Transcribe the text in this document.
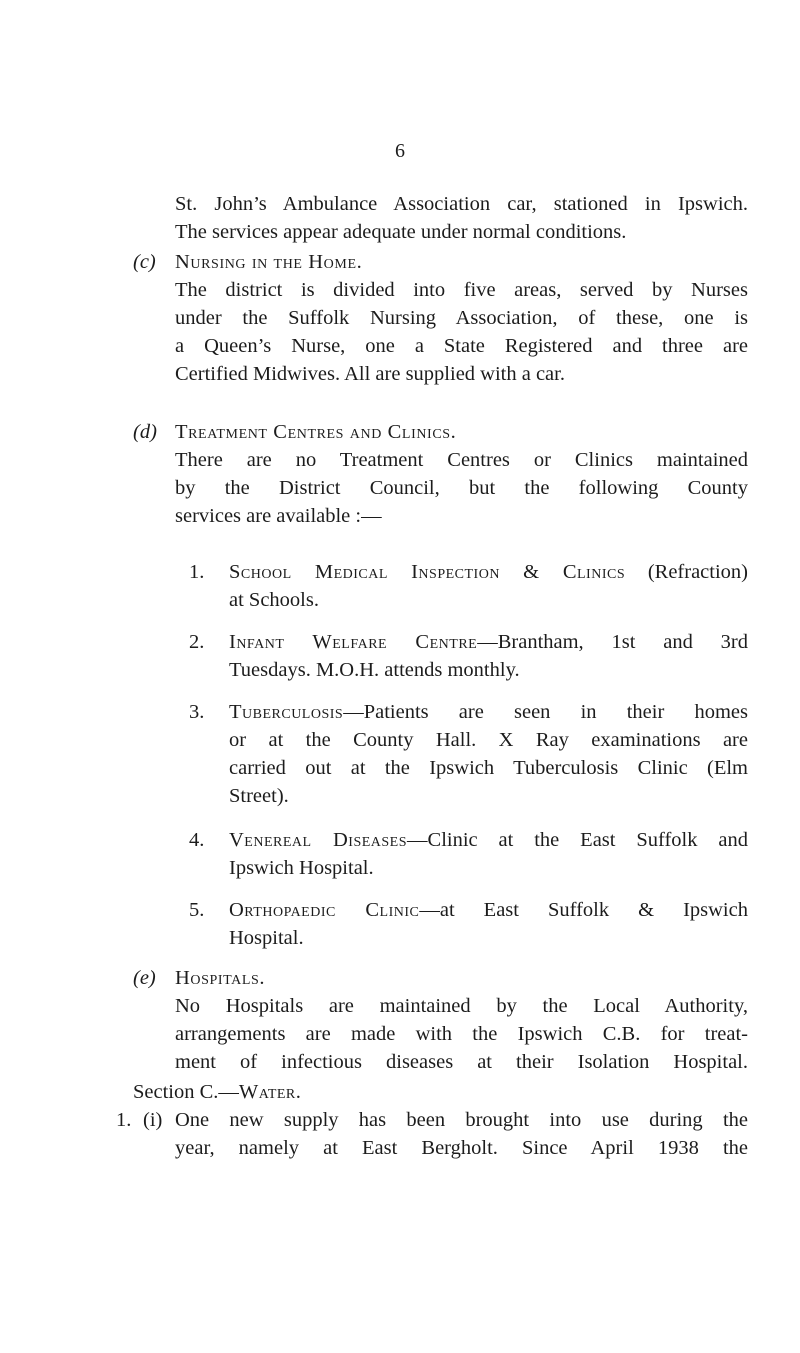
6
St. John’s Ambulance Association car, stationed in Ipswich.
The services appear adequate under normal conditions.
(c) Nursing in the Home.
The district is divided into five areas, served by Nurses
under the Suffolk Nursing Association, of these, one is
a Queen’s Nurse, one a State Registered and three are
Certified Midwives. All are supplied with a car.
(d) Treatment Centres and Clinics.
There are no Treatment Centres or Clinics maintained
by the District Council, but the following County
services are available :—
1. School Medical Inspection & Clinics (Refraction)
at Schools.
2. Infant Welfare Centre—Brantham, 1st and 3rd
Tuesdays. M.O.H. attends monthly.
3. Tuberculosis—Patients are seen in their homes
or at the County Hall. X Ray examinations are
carried out at the Ipswich Tuberculosis Clinic (Elm
Street).
4. Venereal Diseases—Clinic at the East Suffolk and
Ipswich Hospital.
5. Orthopaedic Clinic—at East Suffolk & Ipswich
Hospital.
(e) Hospitals.
No Hospitals are maintained by the Local Authority,
arrangements are made with the Ipswich C.B. for treat-
ment of infectious diseases at their Isolation Hospital.
Section C.—Water.
1. (i) One new supply has been brought into use during the
year, namely at East Bergholt. Since April 1938 the
